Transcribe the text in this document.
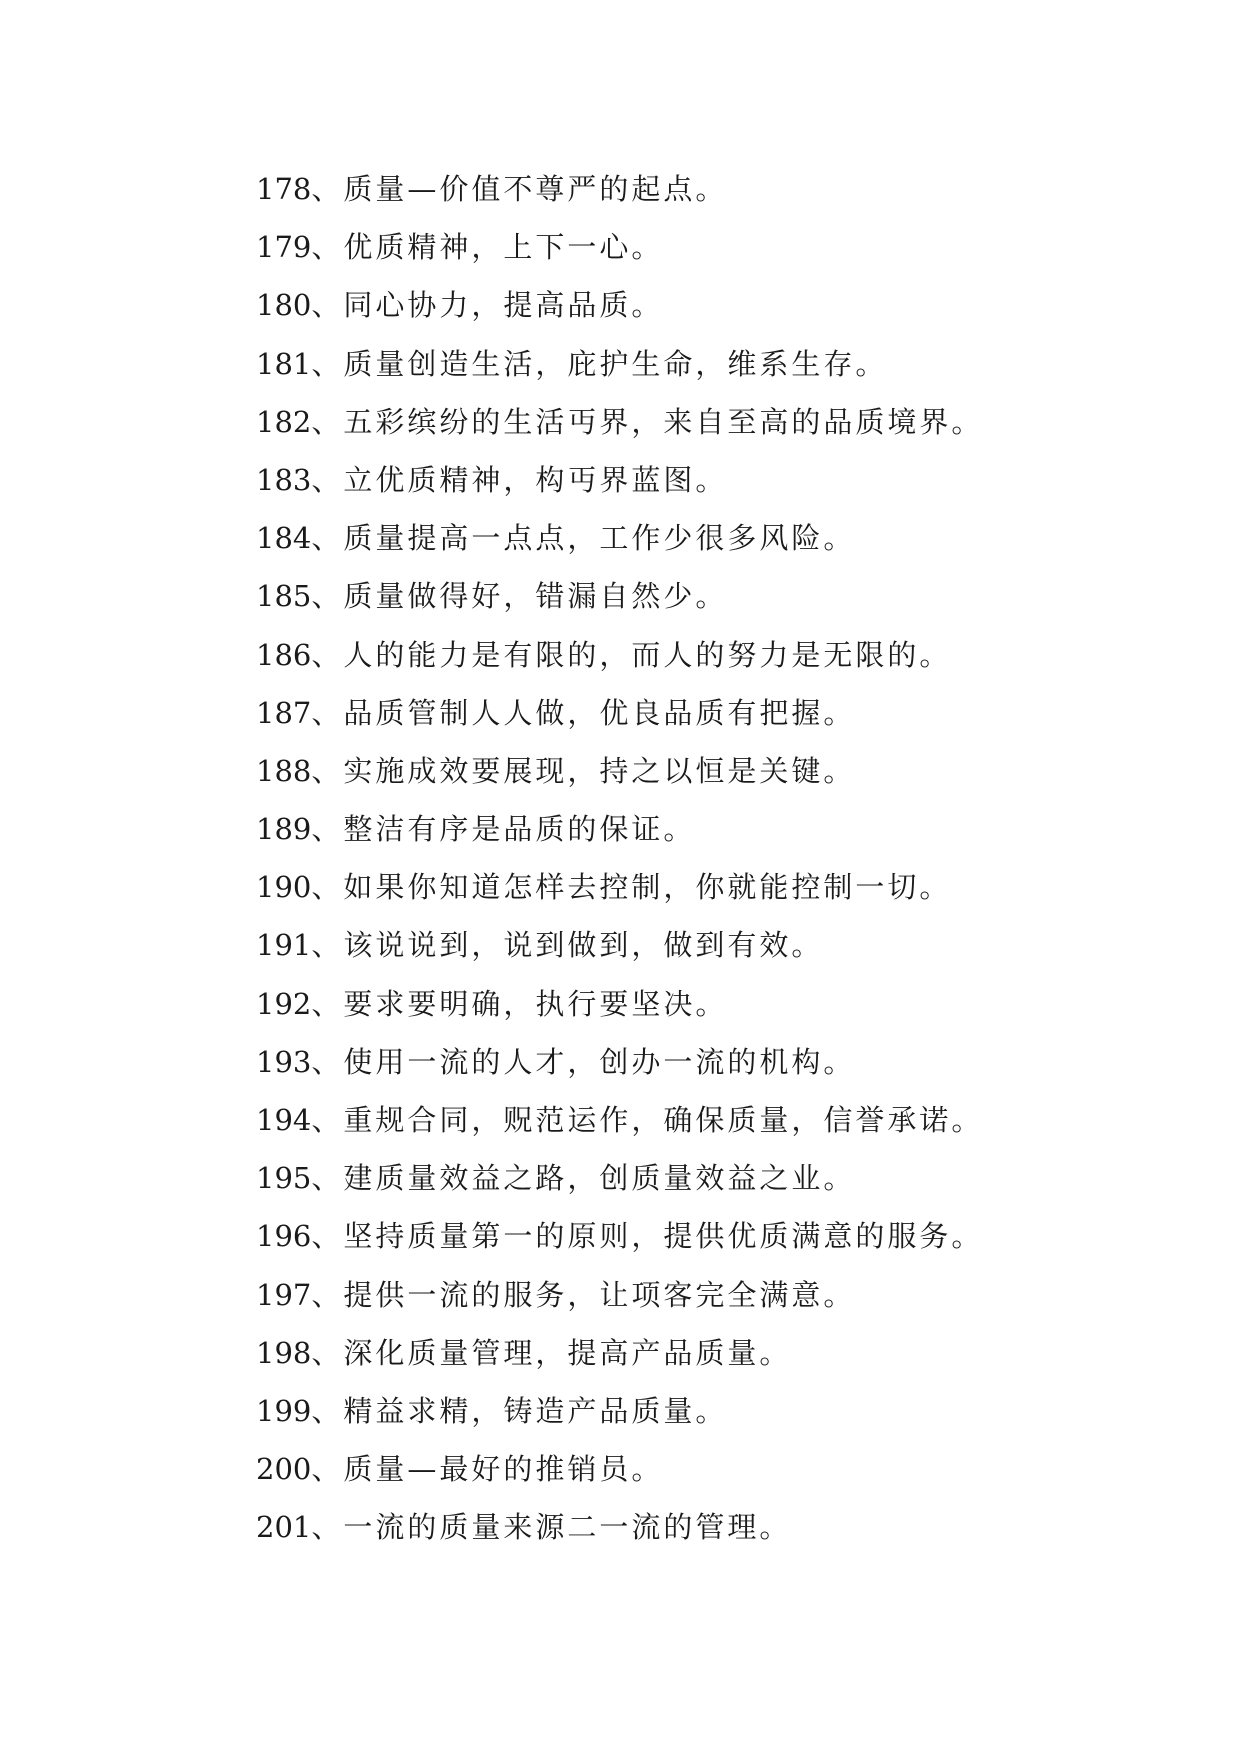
178、质量—价值不尊严的起点。
179、优质精神，上下一心。
180、同心协力，提高品质。
181、质量创造生活，庇护生命，维系生存。
182、五彩缤纷的生活丏界，来自至高的品质境界。
183、立优质精神，构丏界蓝图。
184、质量提高一点点，工作少很多风险。
185、质量做得好，错漏自然少。
186、人的能力是有限的，而人的努力是无限的。
187、品质管制人人做，优良品质有把握。
188、实施成效要展现，持之以恒是关键。
189、整洁有序是品质的保证。
190、如果你知道怎样去控制，你就能控制一切。
191、该说说到，说到做到，做到有效。
192、要求要明确，执行要坚决。
193、使用一流的人才，创办一流的机构。
194、重规合同，贶范运作，确保质量，信誉承诺。
195、建质量效益之路，创质量效益之业。
196、坚持质量第一的原则，提供优质满意的服务。
197、提供一流的服务，让项客完全满意。
198、深化质量管理，提高产品质量。
199、精益求精，铸造产品质量。
200、质量—最好的推销员。
201、一流的质量来源二一流的管理。
